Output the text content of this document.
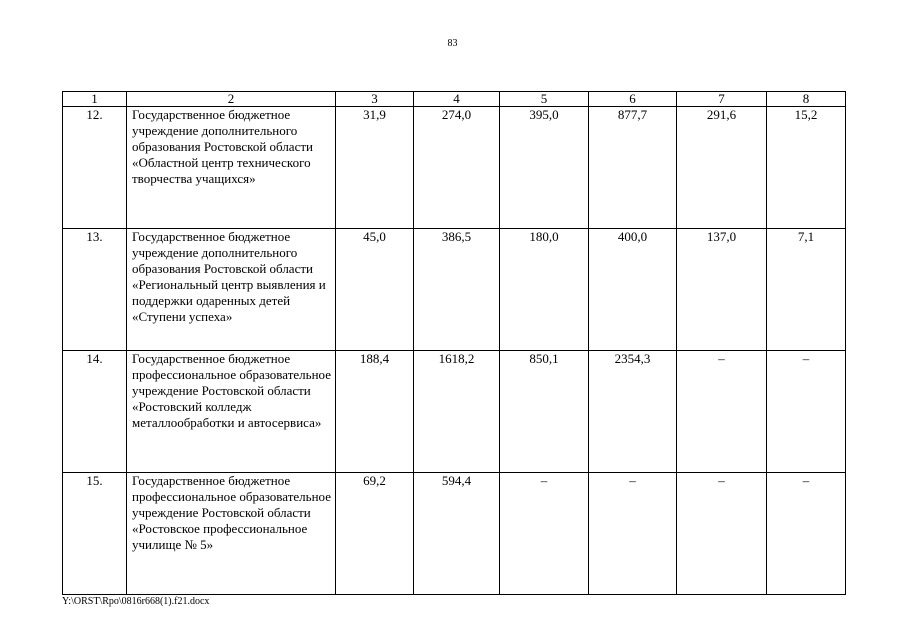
83
1	2	3	4	5	6	7	8
12.	Государственное бюджетное учреждение дополнительного образования Ростовской области «Областной центр технического творчества учащихся»	31,9	274,0	395,0	877,7	291,6	15,2
13.	Государственное бюджетное учреждение дополнительного образования Ростовской области «Региональный центр выявления и поддержки одаренных детей «Ступени успеха»	45,0	386,5	180,0	400,0	137,0	7,1
14.	Государственное бюджетное профессиональное образовательное учреждение Ростовской области «Ростовский колледж металлообработки и автосервиса»	188,4	1618,2	850,1	2354,3	–	–
15.	Государственное бюджетное профессиональное образовательное учреждение Ростовской области «Ростовское профессиональное училище № 5»	69,2	594,4	–	–	–	–
Y:\ORST\Rpo\0816r668(1).f21.docx
